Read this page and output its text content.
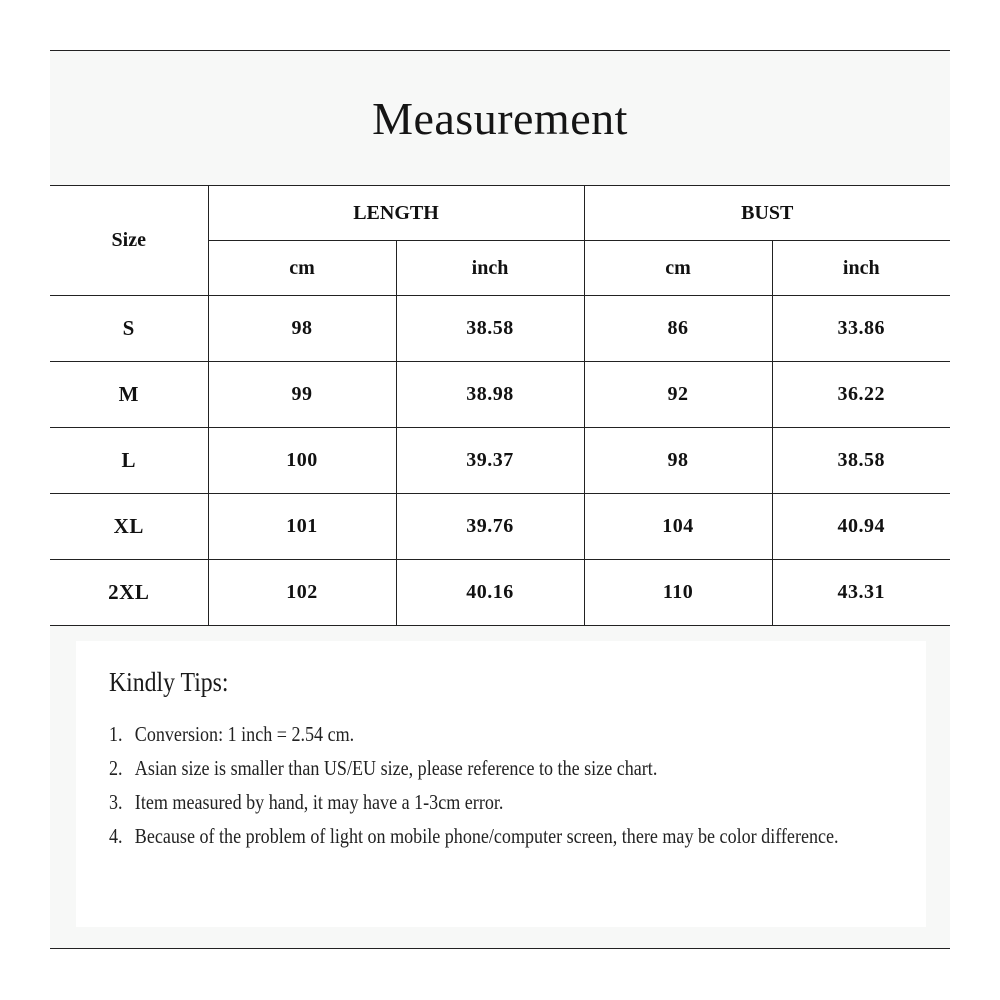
Measurement
Size	LENGTH		BUST	
	cm	inch	cm	inch
S	98	38.58	86	33.86
M	99	38.98	92	36.22
L	100	39.37	98	38.58
XL	101	39.76	104	40.94
2XL	102	40.16	110	43.31
Kindly Tips:
1. Conversion: 1 inch = 2.54 cm.
2. Asian size is smaller than US/EU size, please reference to the size chart.
3. Item measured by hand, it may have a 1-3cm error.
4. Because of the problem of light on mobile phone/computer screen, there may be color difference.
